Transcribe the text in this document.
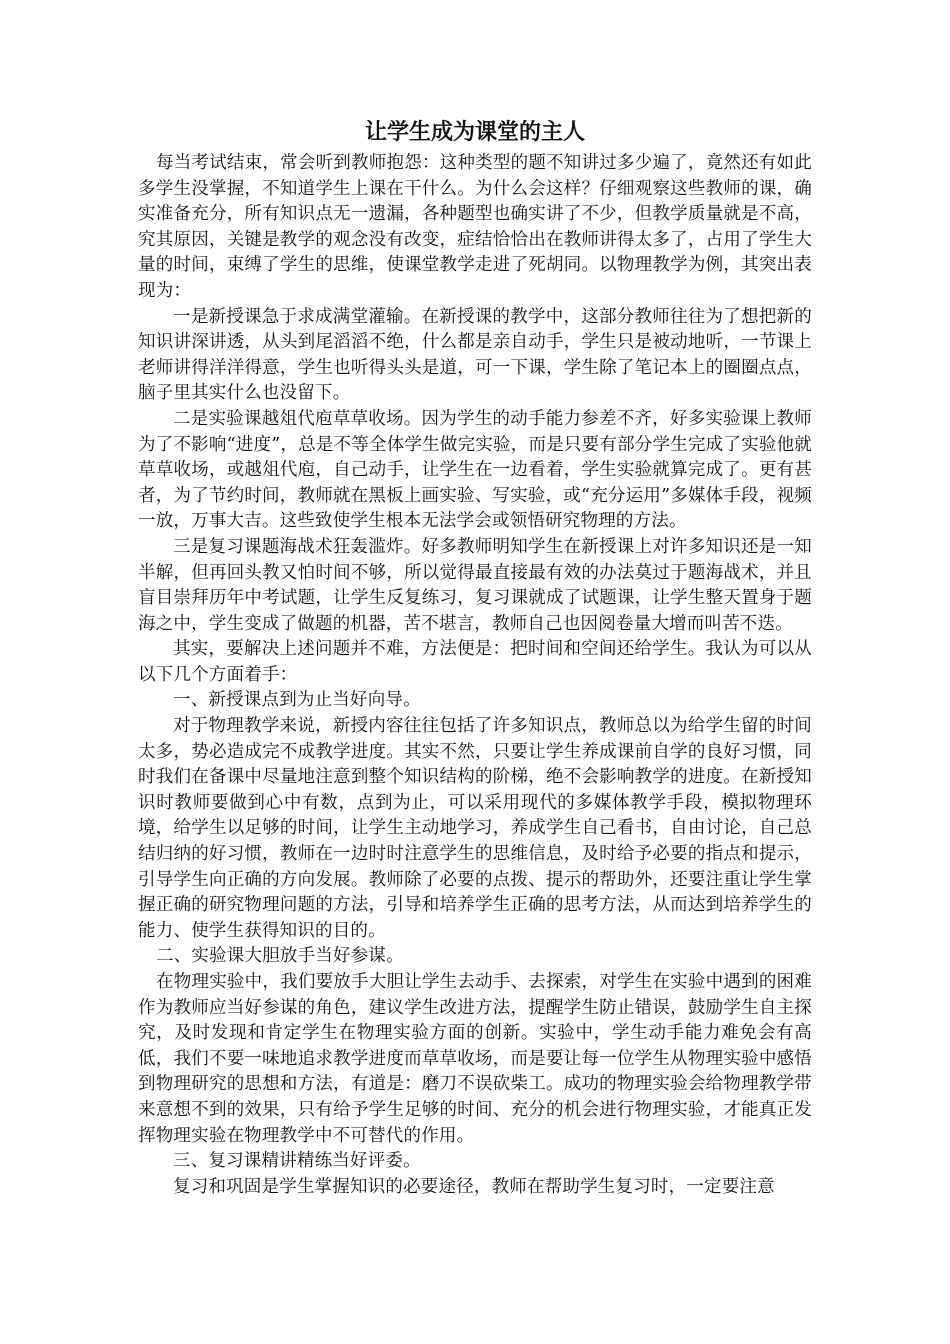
让学生成为课堂的主人

每当考试结束，常会听到教师抱怨：这种类型的题不知讲过多少遍了，竟然还有如此多学生没掌握，不知道学生上课在干什么。为什么会这样？仔细观察这些教师的课，确实准备充分，所有知识点无一遗漏，各种题型也确实讲了不少，但教学质量就是不高，究其原因，关键是教学的观念没有改变，症结恰恰出在教师讲得太多了，占用了学生大量的时间，束缚了学生的思维，使课堂教学走进了死胡同。以物理教学为例，其突出表现为：

一是新授课急于求成满堂灌输。在新授课的教学中，这部分教师往往为了想把新的知识讲深讲透，从头到尾滔滔不绝，什么都是亲自动手，学生只是被动地听，一节课上老师讲得洋洋得意，学生也听得头头是道，可一下课，学生除了笔记本上的圈圈点点，脑子里其实什么也没留下。

二是实验课越俎代庖草草收场。因为学生的动手能力参差不齐，好多实验课上教师为了不影响“进度”，总是不等全体学生做完实验，而是只要有部分学生完成了实验他就草草收场，或越俎代庖，自己动手，让学生在一边看着，学生实验就算完成了。更有甚者，为了节约时间，教师就在黑板上画实验、写实验，或“充分运用”多媒体手段，视频一放，万事大吉。这些致使学生根本无法学会或领悟研究物理的方法。

三是复习课题海战术狂轰滥炸。好多教师明知学生在新授课上对许多知识还是一知半解，但再回头教又怕时间不够，所以觉得最直接最有效的办法莫过于题海战术，并且盲目崇拜历年中考试题，让学生反复练习，复习课就成了试题课，让学生整天置身于题海之中，学生变成了做题的机器，苦不堪言，教师自己也因阅卷量大增而叫苦不迭。

其实，要解决上述问题并不难，方法便是：把时间和空间还给学生。我认为可以从以下几个方面着手：

一、新授课点到为止当好向导。

对于物理教学来说，新授内容往往包括了许多知识点，教师总以为给学生留的时间太多，势必造成完不成教学进度。其实不然，只要让学生养成课前自学的良好习惯，同时我们在备课中尽量地注意到整个知识结构的阶梯，绝不会影响教学的进度。在新授知识时教师要做到心中有数，点到为止，可以采用现代的多媒体教学手段，模拟物理环境，给学生以足够的时间，让学生主动地学习，养成学生自己看书，自由讨论，自己总结归纳的好习惯，教师在一边时时注意学生的思维信息，及时给予必要的指点和提示，引导学生向正确的方向发展。教师除了必要的点拨、提示的帮助外，还要注重让学生掌握正确的研究物理问题的方法，引导和培养学生正确的思考方法，从而达到培养学生的能力、使学生获得知识的目的。

二、实验课大胆放手当好参谋。

在物理实验中，我们要放手大胆让学生去动手、去探索，对学生在实验中遇到的困难作为教师应当好参谋的角色，建议学生改进方法，提醒学生防止错误，鼓励学生自主探究，及时发现和肯定学生在物理实验方面的创新。实验中，学生动手能力难免会有高低，我们不要一味地追求教学进度而草草收场，而是要让每一位学生从物理实验中感悟到物理研究的思想和方法，有道是：磨刀不误砍柴工。成功的物理实验会给物理教学带来意想不到的效果，只有给予学生足够的时间、充分的机会进行物理实验，才能真正发挥物理实验在物理教学中不可替代的作用。

三、复习课精讲精练当好评委。

复习和巩固是学生掌握知识的必要途径，教师在帮助学生复习时，一定要注意
